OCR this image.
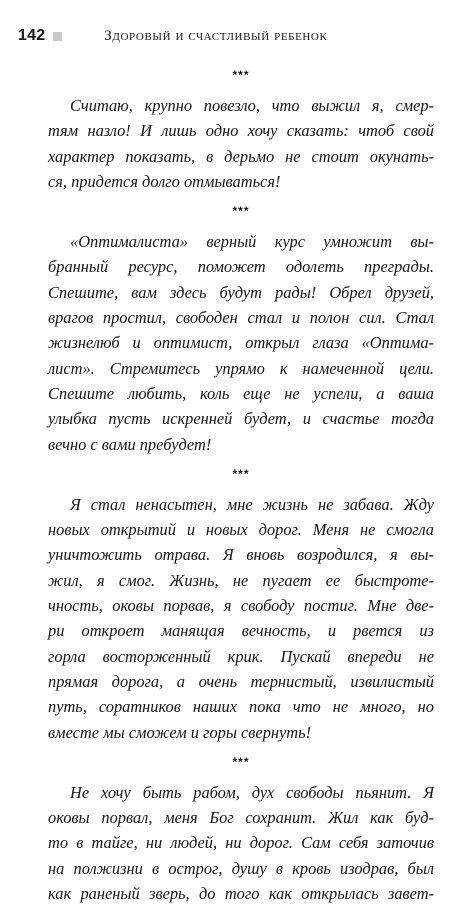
142	Здоровый и счастливый ребенок
***
Считаю, крупно повезло, что выжил я, смер-
тям назло! И лишь одно хочу сказать: чтоб свой
характер показать, в дерьмо не стоит окунать-
ся, придется долго отмываться!
***
«Оптималиста» верный курс умножит вы-
бранный ресурс, поможет одолеть преграды.
Спешите, вам здесь будут рады! Обрел друзей,
врагов простил, свободен стал и полон сил. Стал
жизнелюб и оптимист, открыл глаза «Оптима-
лист». Стремитесь упрямо к намеченной цели.
Спешите любить, коль еще не успели, а ваша
улыбка пусть искренней будет, и счастье тогда
вечно с вами пребудет!
***
Я стал ненасытен, мне жизнь не забава. Жду
новых открытий и новых дорог. Меня не смогла
уничтожить отрава. Я вновь возродился, я вы-
жил, я смог. Жизнь, не пугает ее быстроте-
чность, оковы порвав, я свободу постиг. Мне две-
ри откроет манящая вечность, и рвется из
горла восторженный крик. Пускай впереди не
прямая дорога, а очень тернистый, извилистый
путь, соратников наших пока что не много, но
вместе мы сможем и горы свернуть!
***
Не хочу быть рабом, дух свободы пьянит. Я
оковы порвал, меня Бог сохранит. Жил как буд-
то в тайге, ни людей, ни дорог. Сам себя заточив
на полжизни в острог, душу в кровь изодрав, был
как раненый зверь, до того как открылась завет-
